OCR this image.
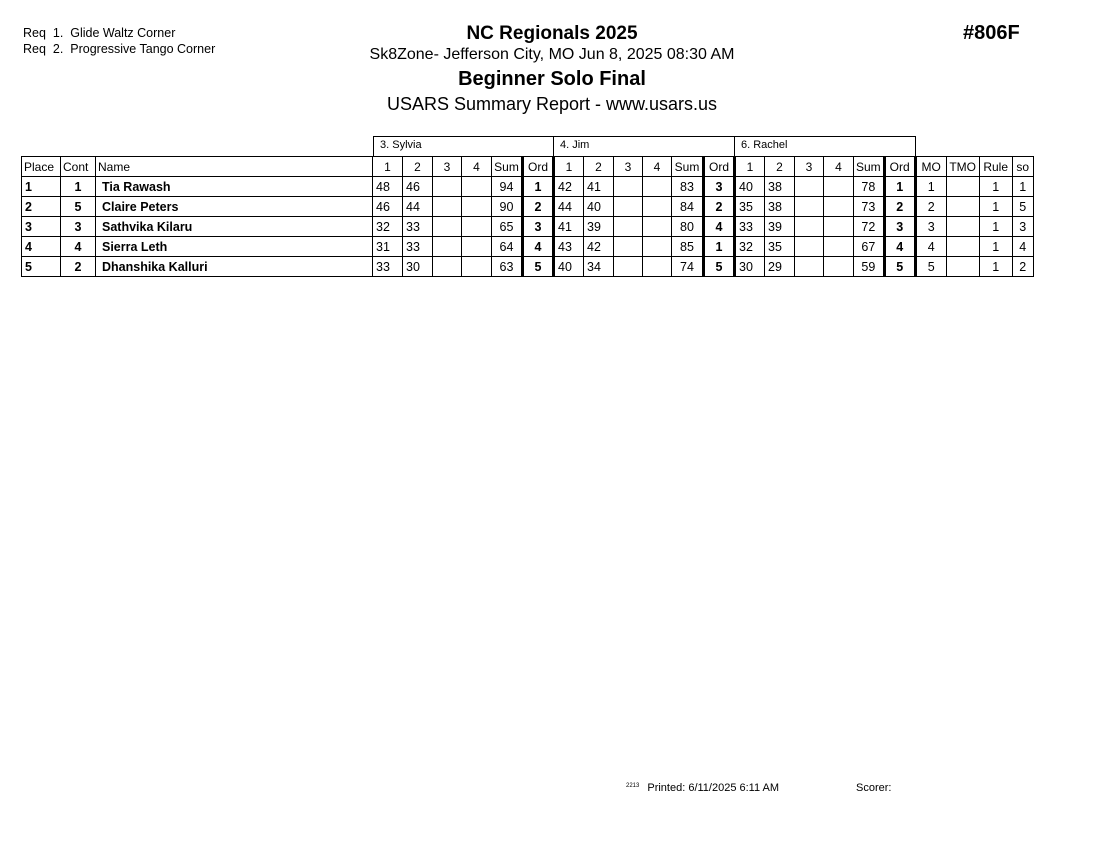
Req  1.  Glide Waltz Corner
Req  2.  Progressive Tango Corner
NC Regionals 2025
Sk8Zone- Jefferson City, MO Jun 8, 2025 08:30 AM
Beginner Solo Final
USARS Summary Report - www.usars.us
#806F
3. Sylvia	4. Jim	6. Rachel
Place	Cont	Name	1	2	3	4	Sum	Ord	1	2	3	4	Sum	Ord	1	2	3	4	Sum	Ord	MO	TMO	Rule	so
1	1	Tia Rawash	48	46			94	1	42	41			83	3	40	38			78	1	1		1	1
2	5	Claire Peters	46	44			90	2	44	40			84	2	35	38			73	2	2		1	5
3	3	Sathvika Kilaru	32	33			65	3	41	39			80	4	33	39			72	3	3		1	3
4	4	Sierra Leth	31	33			64	4	43	42			85	1	32	35			67	4	4		1	4
5	2	Dhanshika Kalluri	33	30			63	5	40	34			74	5	30	29			59	5	5		1	2
$^{2213}$ Printed: 6/11/2025 6:11 AM	Scorer:
